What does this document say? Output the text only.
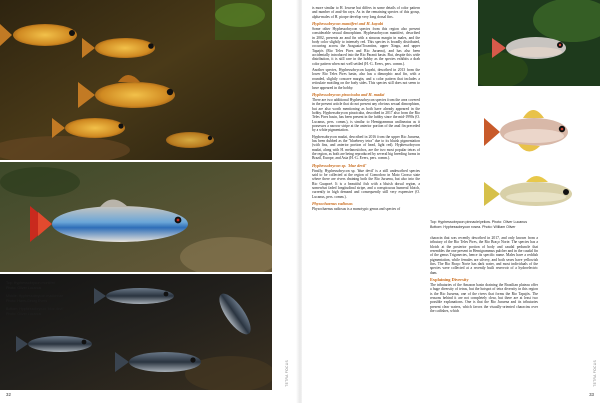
32
TETRA FOCUS
Top: Hyphessobrycon montiferi
Photo: Oliver Lucanus
Middle: Hyphessobrycon madonnae
Photo: Hans-Georg Evers
Bottom: Hyphessobrycon 'blue devil'
Photo: Oliver Lucanus

is more similar to H. loweae but differs in some details of color pattern and number of anal-fin rays. As in the remaining species of this group, alpha-males of H. piorpe develop very long dorsal fins.

Hyphessobrycon mantiferi and H. kayabi

Some other Hyphessobrycon species from this region also present considerable sexual dimorphism. Hyphessobrycon mantiferi, described in 2002, presents an anal fin with a sinuous margin in males, and the body color slightly to intensely red. This species is broadly distributed, occurring across the Araguaia/Tocantins, upper Xingu, and upper Tapajós (Rio Teles Pires and Rio Juruena), and has also been accidentally introduced into the Rio Paraná basin. But, despite this wide distribution, it is still rare in the hobby as the species exhibits a drab color pattern when not well settled (H.-G. Evers, pers. comm.).

Another species, Hyphessobrycon kayabi, described in 2013 from the lower Rio Teles Pires basin, also has a dimorphic anal fin, with a rounded, slightly concave margin, and a color pattern that includes a reticulate mottling on the body sides. This species still does not seem to have appeared in the hobby.

Hyphessobrycon piracicaba and H. madai

There are two additional Hyphessobrycon species from the area covered in the present article that do not present any obvious sexual dimorphism, but are also worth mentioning as both have already appeared in the hobby. Hyphessobrycon piracicaba, described in 2017 also from the Rio Teles Pires basin, has been present in the hobby since the mid-1990s (O. Lucanus, pers. comm.), is similar to Hemigrammus unilineatus as it possesses a narrow stripe at the anterior portion of the anal fin preceded by a white pigmentation.

Hyphessobrycon madai, described in 2016 from the upper Rio Juruena, has been dubbed as the "blueberry tetra" due to its bluish pigmentation (with fins, and anterior portion of head, light red). Hyphessobrycon madai, along with H. melanostichos, are the two most popular tetras of the region, as both are being reproduced by several big breeding farms in Brazil, Europe, and Asia (H.-G. Evers, pers. comm.).

Hyphessobrycon sp. 'blue devil'

Finally, Hyphessobrycon sp. 'blue devil' is a still undescribed species said to be collected at the region of Comodoro in Mato Grosso state where there are rivers draining both the Rio Juruena, but also into the Rio Guaporé. It is a beautiful fish with a bluish dorsal region, a somewhat faded longitudinal stripe, and a conspicuous humeral blotch, currently in high demand and consequently still very expensive (O. Lucanus, pers. comm.).

Physochaenus radiosus

Physochaenus radiosus is a monotypic genus and species of

Top: Hyphessobrycon pinnacle/yellow. Photo: Oliver Lucanus
Bottom: Hyphessobrycon rosea. Photo: William Oliver

characin that was recently described in 2017, and only known from a tributary of the Rio Teles Pires, the Rio Braço Norte. The species has a blotch at the posterior portion of body and caudal peduncle that resembles the one present in Hemigrammus pulcher and in the caudal fin of the genus Trigonectes, hence its specific name. Males have a reddish pigmentation, while females are silvery, and both sexes have yellowish fins. The Rio Braço Norte has dark water, and most individuals of the species were collected at a recently built reservoir of a hydroelectric dam.

Explaining Diversity

The tributaries of the Amazon basin draining the Brazilian plateau offer a huge diversity of tetras, but the hotspot of tetra diversity in this region is the Rio Juruena, one of the rivers that forms the Rio Tapajós. The reasons behind it are not completely clear, but there are at least two possible explanations. One is that the Rio Juruena and its tributaries present clear waters, which favors the visually-oriented characins over the catfishes, which

33
TETRA FOCUS
